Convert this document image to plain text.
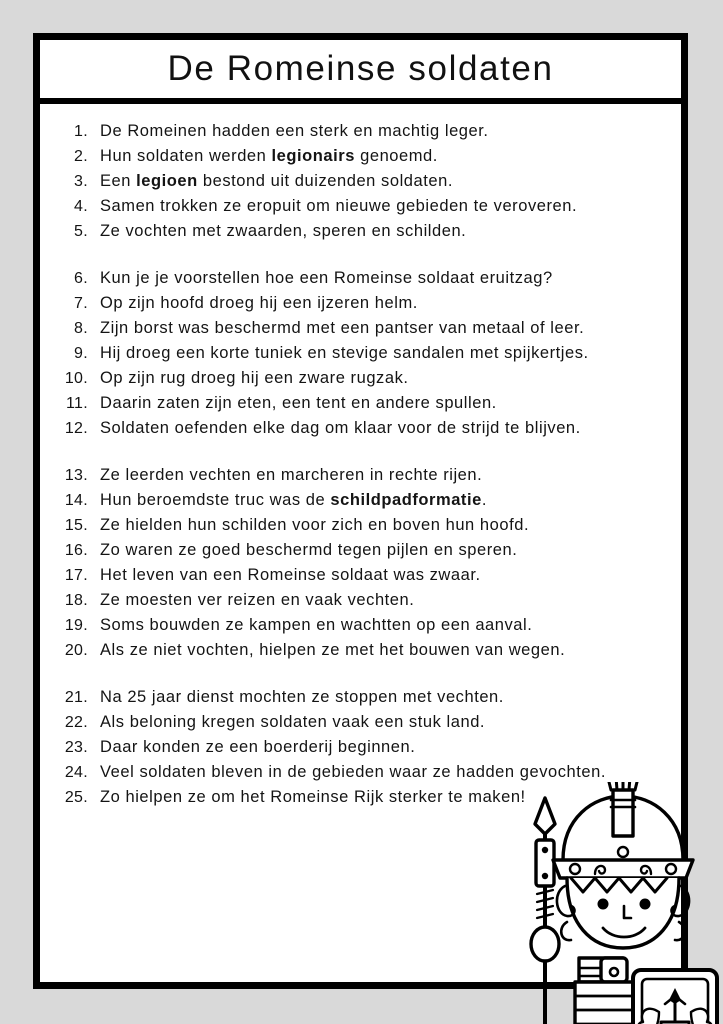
De Romeinse soldaten
1. De Romeinen hadden een sterk en machtig leger.
2. Hun soldaten werden legionairs genoemd.
3. Een legioen bestond uit duizenden soldaten.
4. Samen trokken ze eropuit om nieuwe gebieden te veroveren.
5. Ze vochten met zwaarden, speren en schilden.
6. Kun je je voorstellen hoe een Romeinse soldaat eruitzag?
7. Op zijn hoofd droeg hij een ijzeren helm.
8. Zijn borst was beschermd met een pantser van metaal of leer.
9. Hij droeg een korte tuniek en stevige sandalen met spijkertjes.
10. Op zijn rug droeg hij een zware rugzak.
11. Daarin zaten zijn eten, een tent en andere spullen.
12. Soldaten oefenden elke dag om klaar voor de strijd te blijven.
13. Ze leerden vechten en marcheren in rechte rijen.
14. Hun beroemdste truc was de schildpadformatie.
15. Ze hielden hun schilden voor zich en boven hun hoofd.
16. Zo waren ze goed beschermd tegen pijlen en speren.
17. Het leven van een Romeinse soldaat was zwaar.
18. Ze moesten ver reizen en vaak vechten.
19. Soms bouwden ze kampen en wachtten op een aanval.
20. Als ze niet vochten, hielpen ze met het bouwen van wegen.
21. Na 25 jaar dienst mochten ze stoppen met vechten.
22. Als beloning kregen soldaten vaak een stuk land.
23. Daar konden ze een boerderij beginnen.
24. Veel soldaten bleven in de gebieden waar ze hadden gevochten.
25. Zo hielpen ze om het Romeinse Rijk sterker te maken!
